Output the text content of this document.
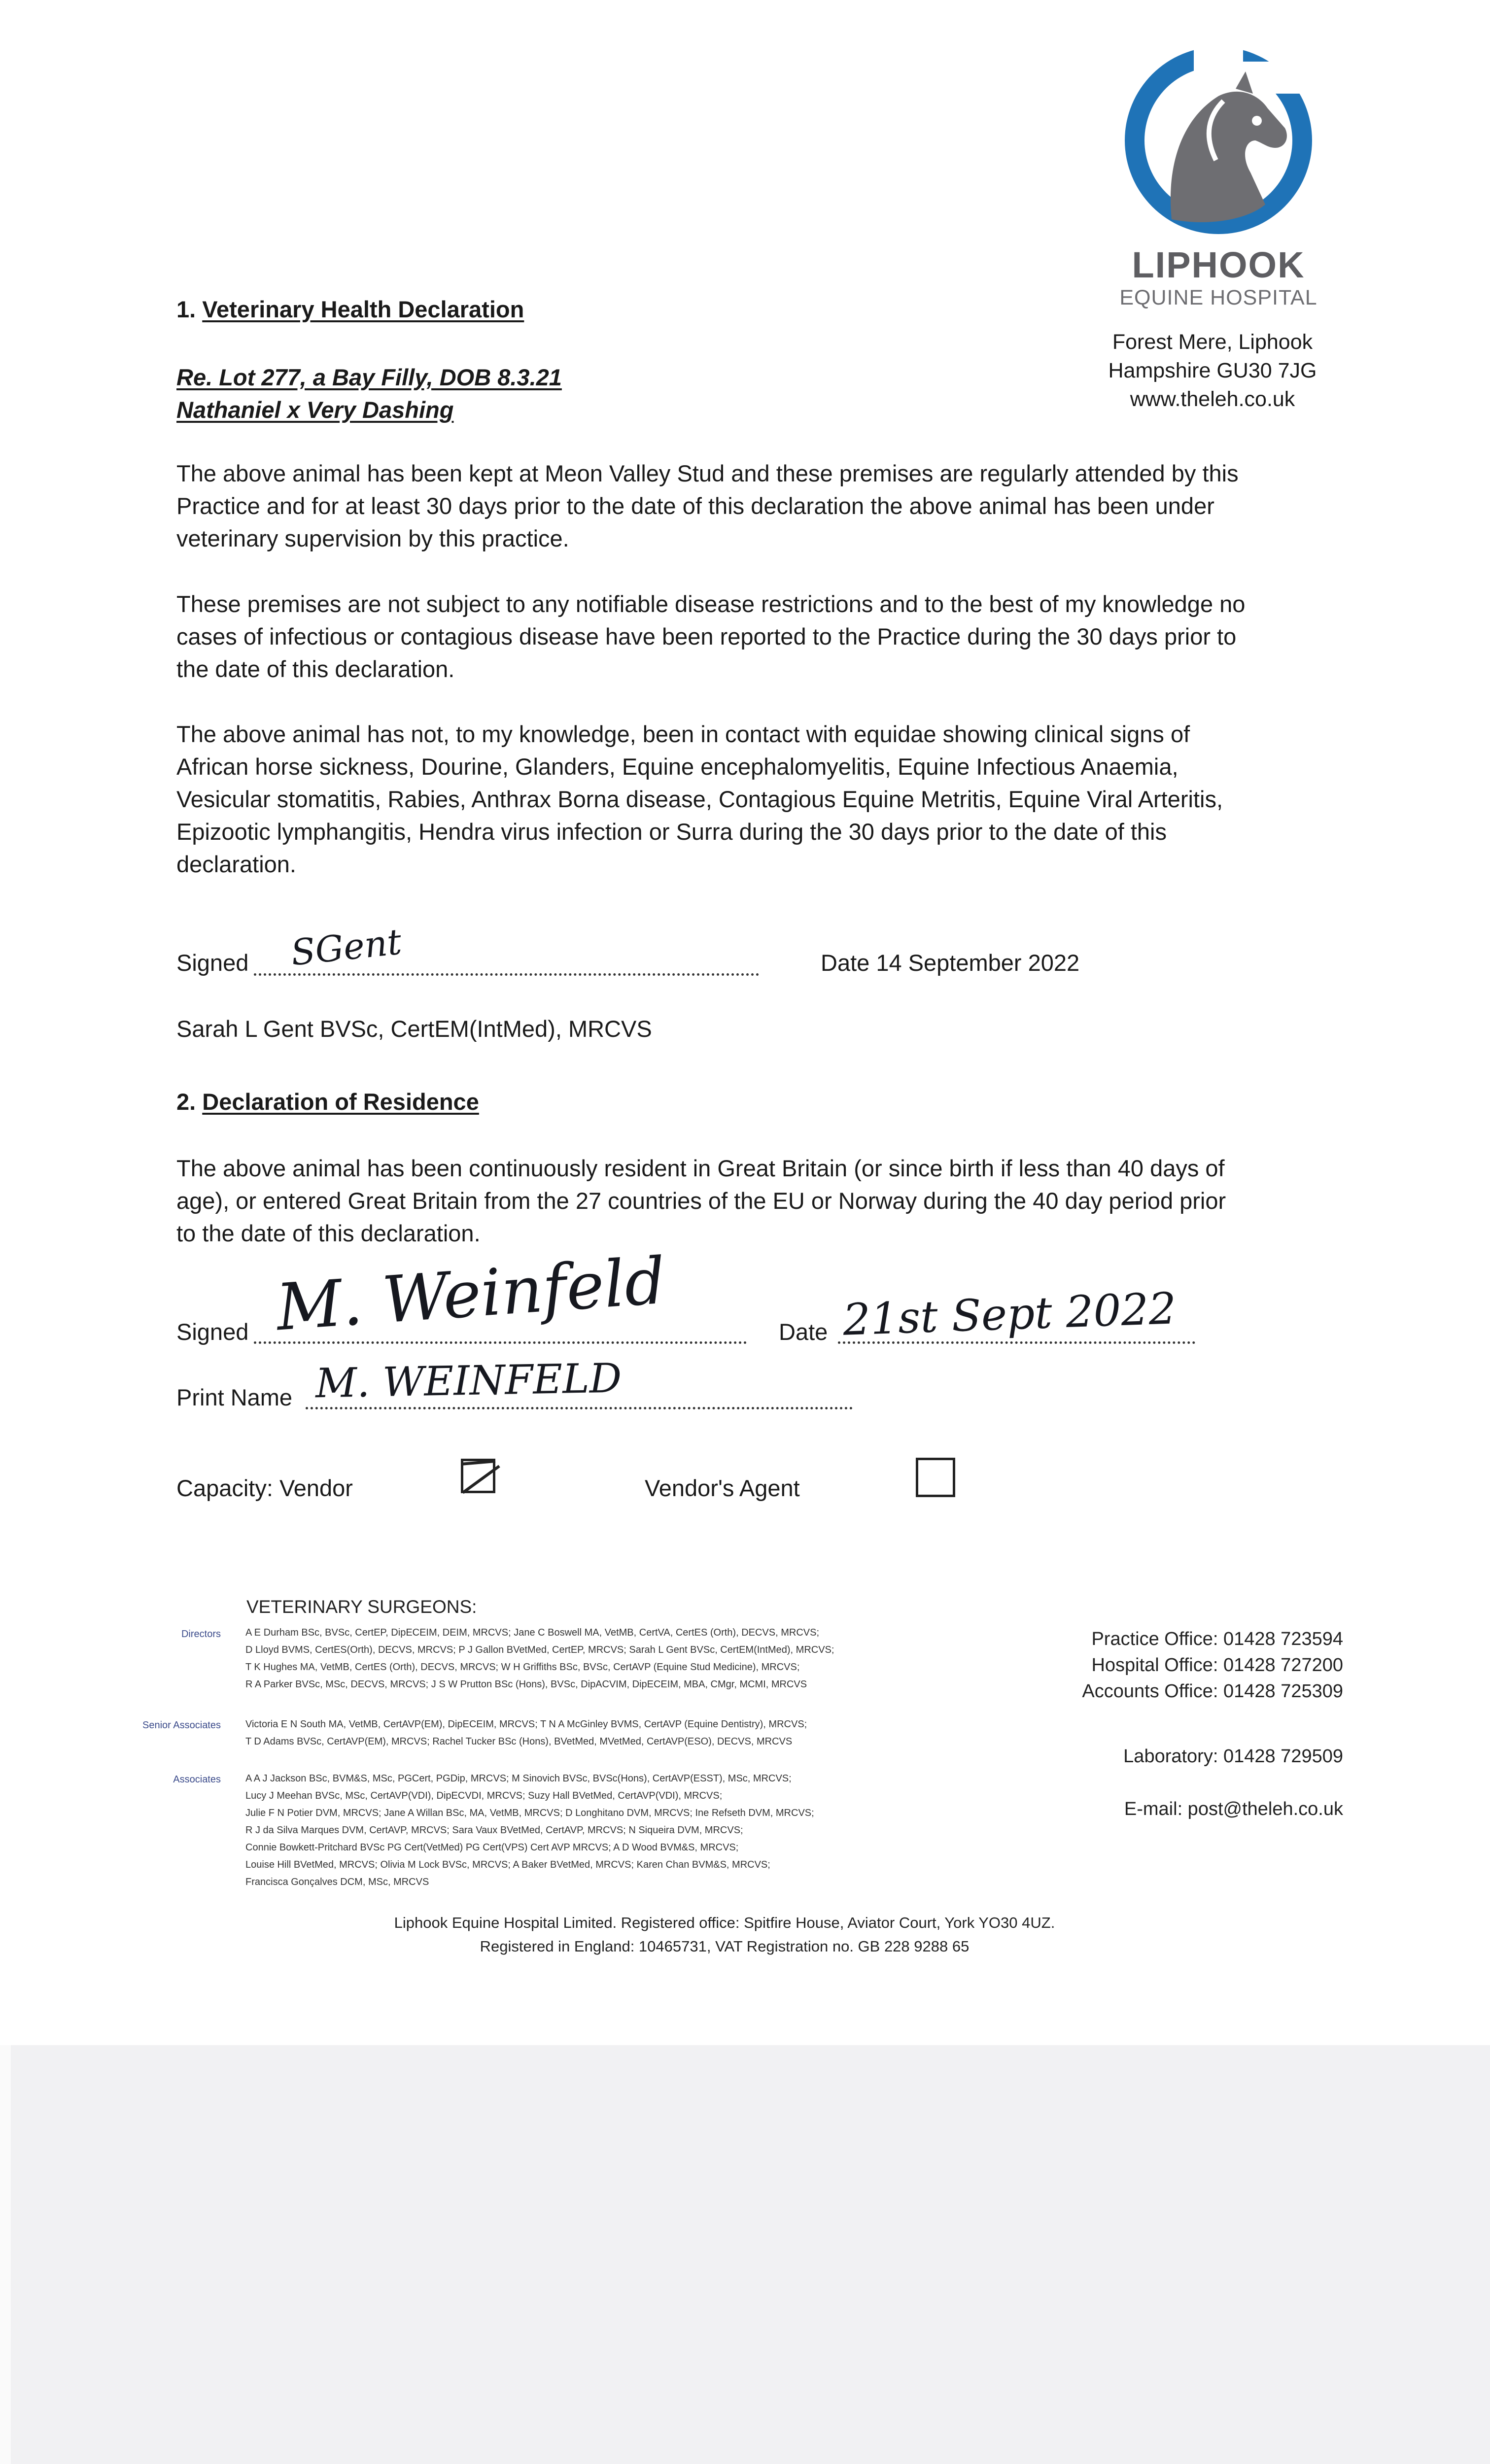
LIPHOOK
EQUINE HOSPITAL
Forest Mere, Liphook
Hampshire GU30 7JG
www.theleh.co.uk
1. Veterinary Health Declaration
Re. Lot 277, a Bay Filly, DOB 8.3.21
Nathaniel x Very Dashing
The above animal has been kept at Meon Valley Stud and these premises are regularly attended by this
Practice and for at least 30 days prior to the date of this declaration the above animal has been under
veterinary supervision by this practice.
These premises are not subject to any notifiable disease restrictions and to the best of my knowledge no
cases of infectious or contagious disease have been reported to the Practice during the 30 days prior to
the date of this declaration.
The above animal has not, to my knowledge, been in contact with equidae showing clinical signs of
African horse sickness, Dourine, Glanders, Equine encephalomyelitis, Equine Infectious Anaemia,
Vesicular stomatitis, Rabies, Anthrax Borna disease, Contagious Equine Metritis, Equine Viral Arteritis,
Epizootic lymphangitis, Hendra virus infection or Surra during the 30 days prior to the date of this
declaration.
Signed SGent	Date 14 September 2022
Sarah L Gent BVSc, CertEM(IntMed), MRCVS
2. Declaration of Residence
The above animal has been continuously resident in Great Britain (or since birth if less than 40 days of
age), or entered Great Britain from the 27 countries of the EU or Norway during the 40 day period prior
to the date of this declaration.
Signed M. Weinfeld	Date 21st Sept 2022
Print Name M. WEINFELD
Capacity: Vendor	Vendor's Agent
VETERINARY SURGEONS:
Directors	A E Durham BSc, BVSc, CertEP, DipECEIM, DEIM, MRCVS; Jane C Boswell MA, VetMB, CertVA, CertES (Orth), DECVS, MRCVS;
D Lloyd BVMS, CertES(Orth), DECVS, MRCVS; P J Gallon BVetMed, CertEP, MRCVS; Sarah L Gent BVSc, CertEM(IntMed), MRCVS;
T K Hughes MA, VetMB, CertES (Orth), DECVS, MRCVS; W H Griffiths BSc, BVSc, CertAVP (Equine Stud Medicine), MRCVS;
R A Parker BVSc, MSc, DECVS, MRCVS; J S W Prutton BSc (Hons), BVSc, DipACVIM, DipECEIM, MBA, CMgr, MCMI, MRCVS
Senior Associates	Victoria E N South MA, VetMB, CertAVP(EM), DipECEIM, MRCVS; T N A McGinley BVMS, CertAVP (Equine Dentistry), MRCVS;
T D Adams BVSc, CertAVP(EM), MRCVS; Rachel Tucker BSc (Hons), BVetMed, MVetMed, CertAVP(ESO), DECVS, MRCVS
Associates	A A J Jackson BSc, BVM&S, MSc, PGCert, PGDip, MRCVS; M Sinovich BVSc, BVSc(Hons), CertAVP(ESST), MSc, MRCVS;
Lucy J Meehan BVSc, MSc, CertAVP(VDI), DipECVDI, MRCVS; Suzy Hall BVetMed, CertAVP(VDI), MRCVS;
Julie F N Potier DVM, MRCVS; Jane A Willan BSc, MA, VetMB, MRCVS; D Longhitano DVM, MRCVS; Ine Refseth DVM, MRCVS;
R J da Silva Marques DVM, CertAVP, MRCVS; Sara Vaux BVetMed, CertAVP, MRCVS; N Siqueira DVM, MRCVS;
Connie Bowkett-Pritchard BVSc PG Cert(VetMed) PG Cert(VPS) Cert AVP MRCVS; A D Wood BVM&S, MRCVS;
Louise Hill BVetMed, MRCVS; Olivia M Lock BVSc, MRCVS; A Baker BVetMed, MRCVS; Karen Chan BVM&S, MRCVS;
Francisca Gonçalves DCM, MSc, MRCVS
Practice Office: 01428 723594
Hospital Office: 01428 727200
Accounts Office: 01428 725309
Laboratory: 01428 729509
E-mail: post@theleh.co.uk
Liphook Equine Hospital Limited. Registered office: Spitfire House, Aviator Court, York YO30 4UZ.
Registered in England: 10465731, VAT Registration no. GB 228 9288 65
